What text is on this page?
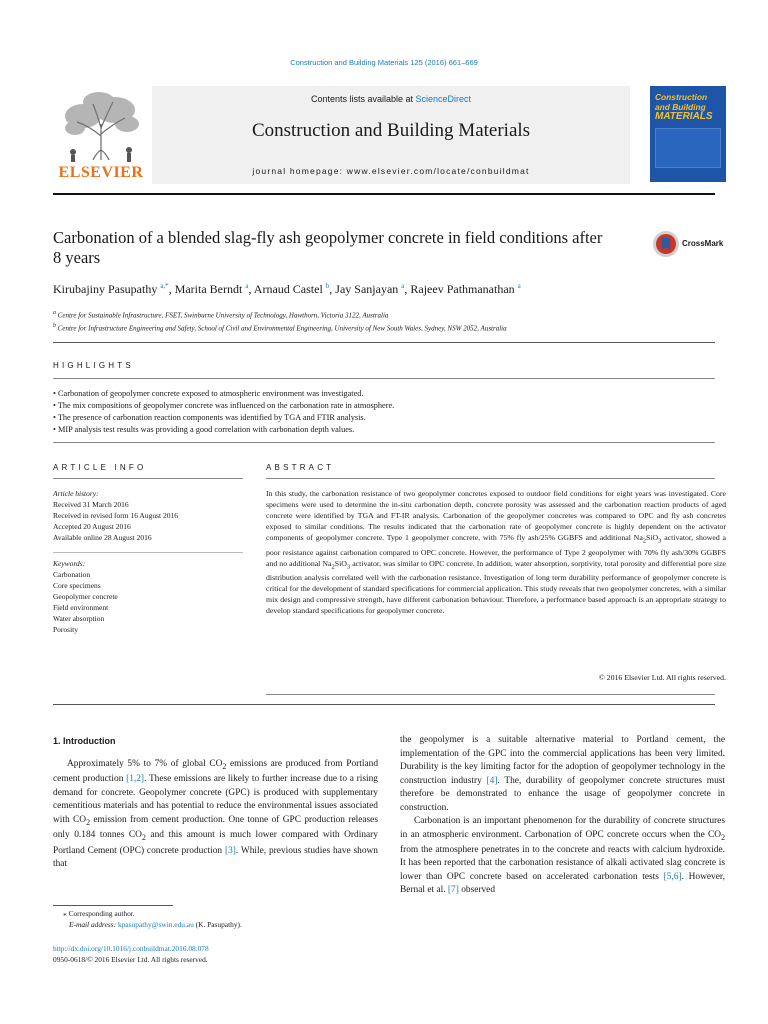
Construction and Building Materials 125 (2016) 661–669
ELSEVIER
Contents lists available at ScienceDirect
Construction and Building Materials
journal homepage: www.elsevier.com/locate/conbuildmat
Construction
and Building
MATERIALS
Carbonation of a blended slag-fly ash geopolymer concrete in field conditions after 8 years
CrossMark
Kirubajiny Pasupathy $^{a,*}$, Marita Berndt $^a$, Arnaud Castel $^b$, Jay Sanjayan $^a$, Rajeev Pathmanathan $^a$
$^a$ Centre for Sustainable Infrastructure, FSET, Swinburne University of Technology, Hawthorn, Victoria 3122, Australia
$^b$ Centre for Infrastructure Engineering and Safety, School of Civil and Environmental Engineering, University of New South Wales, Sydney, NSW 2052, Australia
HIGHLIGHTS
• Carbonation of geopolymer concrete exposed to atmospheric environment was investigated.
• The mix compositions of geopolymer concrete was influenced on the carbonation rate in atmosphere.
• The presence of carbonation reaction components was identified by TGA and FTIR analysis.
• MIP analysis test results was providing a good correlation with carbonation depth values.
ARTICLE INFO
Article history:
Received 31 March 2016
Received in revised form 16 August 2016
Accepted 20 August 2016
Available online 28 August 2016
Keywords:
Carbonation
Core specimens
Geopolymer concrete
Field environment
Water absorption
Porosity
ABSTRACT
In this study, the carbonation resistance of two geopolymer concretes exposed to outdoor field conditions for eight years was investigated. Core specimens were used to determine the in-situ carbonation depth, concrete porosity was assessed and the carbonation reaction products of aged concrete were identified by TGA and FT-IR analysis. Carbonation of the geopolymer concretes was compared to OPC and fly ash concretes exposed to similar conditions. The results indicated that the carbonation rate of geopolymer concrete is highly dependent on the activator components of geopolymer concrete. Type 1 geopolymer concrete, with 75% fly ash/25% GGBFS and additional $Na_2SiO_3$ activator, showed a poor resistance against carbonation compared to OPC concrete. However, the performance of Type 2 geopolymer with 70% fly ash/30% GGBFS and no additional $Na_2SiO_3$ activator, was similar to OPC concrete. In addition, water absorption, sorptivity, total porosity and differential pore size distribution analysis correlated well with the carbonation resistance. Investigation of long term durability performance of geopolymer concrete is critical for the development of standard specifications for commercial application. This study reveals that two geopolymer concretes, with a similar mix design and compressive strength, have different carbonation behaviour. Therefore, a performance based approach is an appropriate strategy to develop standard specifications for geopolymer concrete.
© 2016 Elsevier Ltd. All rights reserved.
1. Introduction

Approximately 5% to 7% of global $CO_2$ emissions are produced from Portland cement production [1,2]. These emissions are likely to further increase due to a rising demand for concrete. Geopolymer concrete (GPC) is produced with supplementary cementitious materials and has potential to reduce the environmental issues associated with $CO_2$ emission from cement production. One tonne of GPC production releases only 0.184 tonnes $CO_2$ and this amount is much lower compared with Ordinary Portland Cement (OPC) concrete production [3]. While, previous studies have shown that

the geopolymer is a suitable alternative material to Portland cement, the implementation of the GPC into the commercial applications has been very limited. Durability is the key limiting factor for the adoption of geopolymer technology in the construction industry [4]. The, durability of geopolymer concrete structures must therefore be demonstrated to enhance the usage of geopolymer concrete in construction.

Carbonation is an important phenomenon for the durability of concrete structures in an atmospheric environment. Carbonation of OPC concrete occurs when the $CO_2$ from the atmosphere penetrates in to the concrete and reacts with calcium hydroxide. It has been reported that the carbonation resistance of alkali activated slag concrete is lower than OPC concrete based on accelerated carbonation tests [5,6]. However, Bernal et al. [7] observed

⁎ Corresponding author.
E-mail address: kpasupathy@swin.edu.au (K. Pasupathy).
http://dx.doi.org/10.1016/j.conbuildmat.2016.08.078
0950-0618/© 2016 Elsevier Ltd. All rights reserved.
